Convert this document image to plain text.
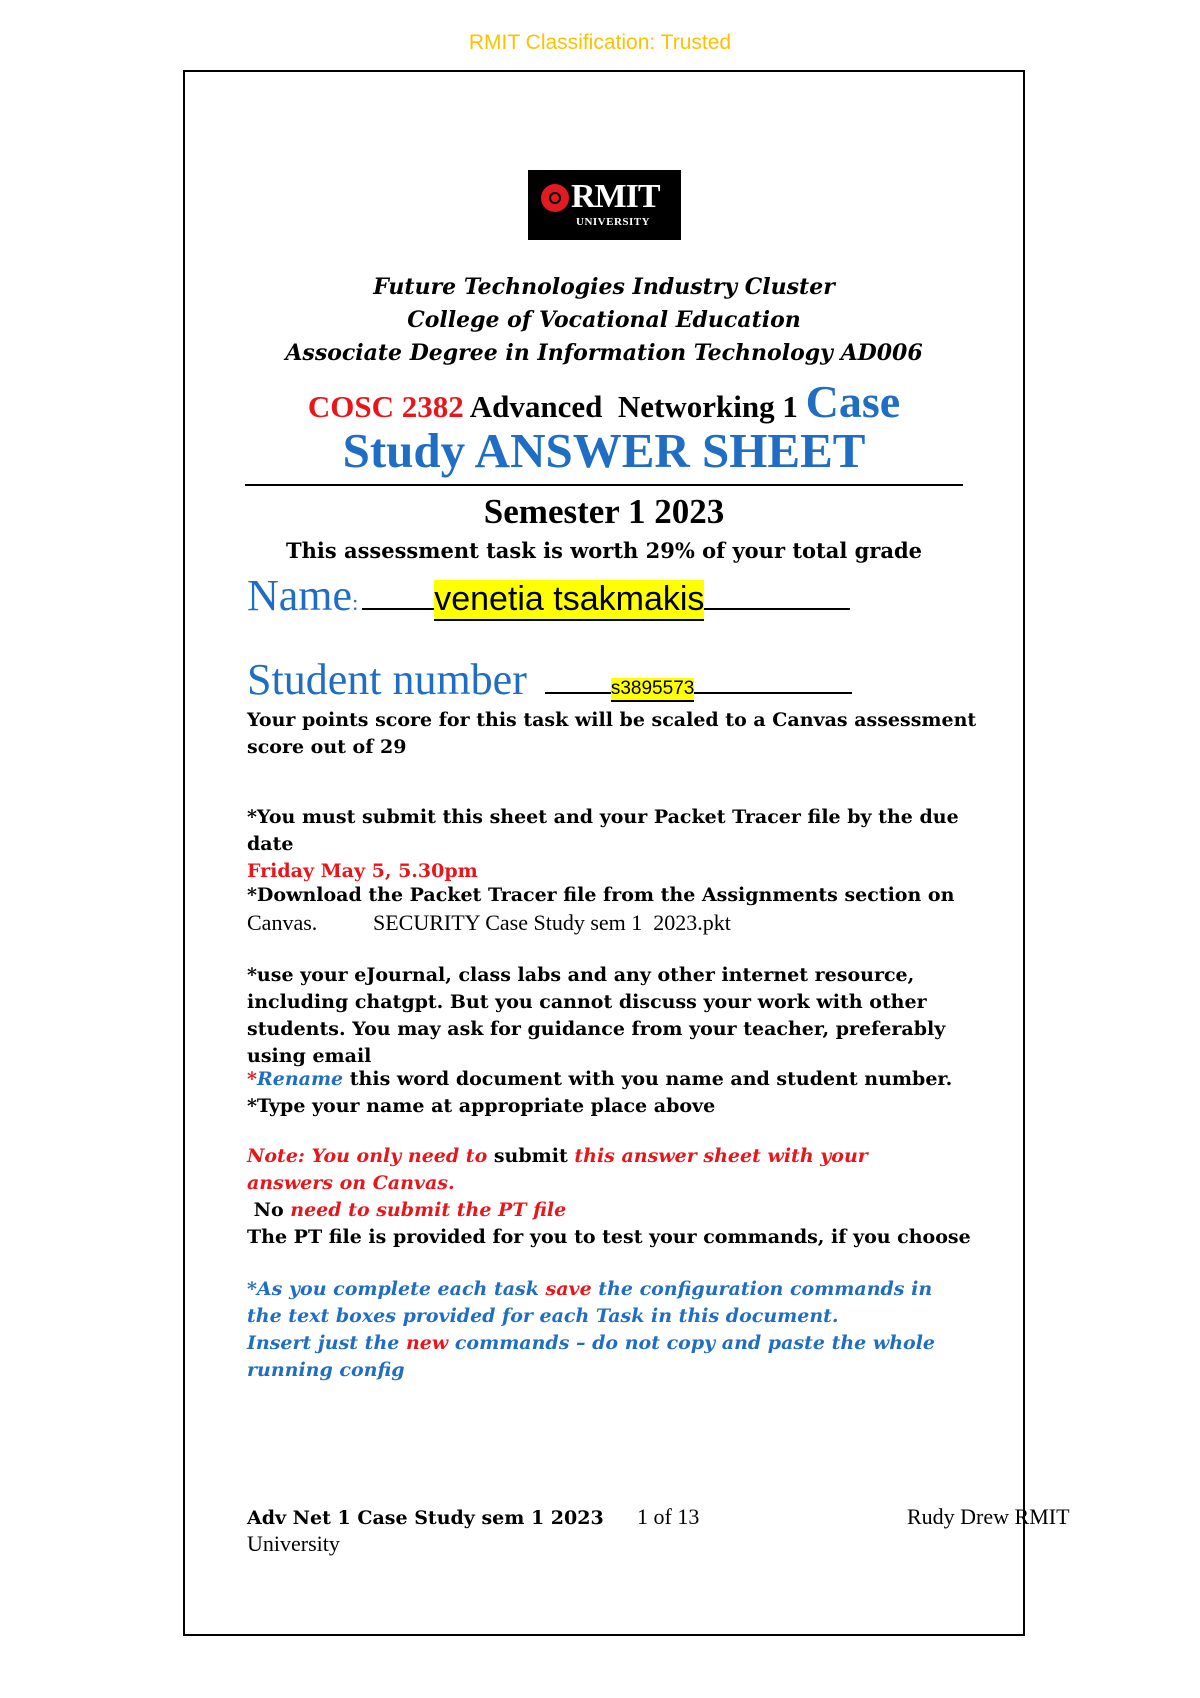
RMIT Classification: Trusted
RMIT
UNIVERSITY
Future Technologies Industry Cluster
College of Vocational Education
Associate Degree in Information Technology AD006
COSC 2382 Advanced  Networking 1 Case
Study ANSWER SHEET
Semester 1 2023
This assessment task is worth 29% of your total grade
Name: venetia tsakmakis
Student number	s3895573
Your points score for this task will be scaled to a Canvas assessment score out of 29
*You must submit this sheet and your Packet Tracer file by the due date
Friday May 5, 5.30pm
*Download the Packet Tracer file from the Assignments section on
Canvas.	SECURITY Case Study sem 1  2023.pkt
*use your eJournal, class labs and any other internet resource, including chatgpt. But you cannot discuss your work with other students. You may ask for guidance from your teacher, preferably using email
*Rename this word document with you name and student number.
*Type your name at appropriate place above
Note: You only need to submit this answer sheet with your answers on Canvas.
No need to submit the PT file
The PT file is provided for you to test your commands, if you choose
*As you complete each task save the configuration commands in the text boxes provided for each Task in this document.
Insert just the new commands – do not copy and paste the whole running config
Adv Net 1 Case Study sem 1 2023 1 of 13	Rudy Drew RMIT
University
